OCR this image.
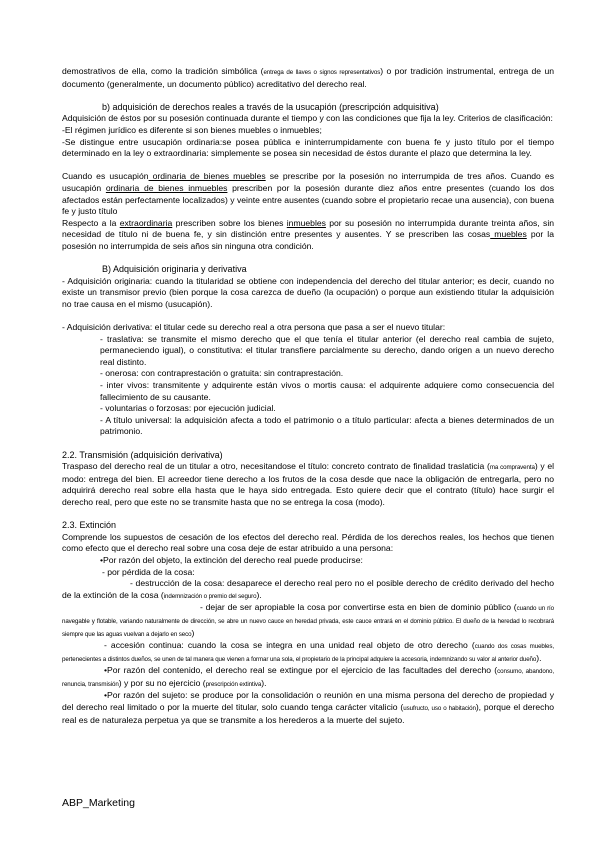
demostrativos de ella, como la tradición simbólica (entrega de llaves o signos representativos) o por tradición instrumental, entrega de un documento (generalmente, un documento público) acreditativo del derecho real.

b) adquisición de derechos reales a través de la usucapión (prescripción adquisitiva)

Adquisición de éstos por su posesión continuada durante el tiempo y con las condiciones que fija la ley. Criterios de clasificación:

-El régimen jurídico es diferente si son bienes muebles o inmuebles;

-Se distingue entre usucapión ordinaria:se posea pública e ininterrumpidamente con buena fe y justo título por el tiempo determinado en la ley o extraordinaria: simplemente se posea sin necesidad de éstos durante el plazo que determina la ley.

Cuando es usucapión ordinaria de bienes muebles se prescribe por la posesión no interrumpida de tres años. Cuando es usucapión ordinaria de bienes inmuebles prescriben por la posesión durante diez años entre presentes (cuando los dos afectados están perfectamente localizados) y veinte entre ausentes (cuando sobre el propietario recae una ausencia), con buena fe y justo título

Respecto a la extraordinaria prescriben sobre los bienes inmuebles por su posesión no interrumpida durante treinta años, sin necesidad de título ni de buena fe, y sin distinción entre presentes y ausentes. Y se prescriben las cosas muebles por la posesión no interrumpida de seis años sin ninguna otra condición.

B) Adquisición originaria y derivativa

- Adquisición originaria: cuando la titularidad se obtiene con independencia del derecho del titular anterior; es decir, cuando no existe un transmisor previo (bien porque la cosa carezca de dueño (la ocupación) o porque aun existiendo titular la adquisición no trae causa en el mismo (usucapión).

- Adquisición derivativa: el titular cede su derecho real a otra persona que pasa a ser el nuevo titular:

- traslativa: se transmite el mismo derecho que el que tenía el titular anterior (el derecho real cambia de sujeto, permaneciendo igual), o constitutiva: el titular transfiere parcialmente su derecho, dando origen a un nuevo derecho real distinto.

- onerosa: con contraprestación o gratuita: sin contraprestación.

- inter vivos: transmitente y adquirente están vivos o mortis causa: el adquirente adquiere como consecuencia del fallecimiento de su causante.

- voluntarias o forzosas: por ejecución judicial.

- A título universal: la adquisición afecta a todo el patrimonio o a título particular: afecta a bienes determinados de un patrimonio.

2.2. Transmisión (adquisición derivativa)

Traspaso del derecho real de un titular a otro, necesitandose el título: concreto contrato de finalidad traslaticia (ma compraventa) y el modo: entrega del bien. El acreedor tiene derecho a los frutos de la cosa desde que nace la obligación de entregarla, pero no adquirirá derecho real sobre ella hasta que le haya sido entregada. Esto quiere decir que el contrato (título) hace surgir el derecho real, pero que este no se transmite hasta que no se entrega la cosa (modo).

2.3. Extinción

Comprende los supuestos de cesación de los efectos del derecho real. Pérdida de los derechos reales, los hechos que tienen como efecto que el derecho real sobre una cosa deje de estar atribuido a una persona:

•Por razón del objeto, la extinción del derecho real puede producirse:

- por pérdida de la cosa:

- destrucción de la cosa: desaparece el derecho real pero no el posible derecho de crédito derivado del hecho de la extinción de la cosa (indemnización o premio del seguro).

- dejar de ser apropiable la cosa por convertirse esta en bien de dominio público (cuando un río navegable y flotable, variando naturalmente de dirección, se abre un nuevo cauce en heredad privada, este cauce entrará en el dominio público. El dueño de la heredad lo recobrará siempre que las aguas vuelvan a dejarlo en seco)

- accesión continua: cuando la cosa se integra en una unidad real objeto de otro derecho (cuando dos cosas muebles, pertenecientes a distintos dueños, se unen de tal manera que vienen a formar una sola, el propietario de la principal adquiere la accesoria, indemnizando su valor al anterior dueño).

•Por razón del contenido, el derecho real se extingue por el ejercicio de las facultades del derecho (consumo, abandono, renuncia, transmisión) y por su no ejercicio (prescripción extintiva).

•Por razón del sujeto: se produce por la consolidación o reunión en una misma persona del derecho de propiedad y del derecho real limitado o por la muerte del titular, solo cuando tenga carácter vitalicio (usufructo, uso o habitación), porque el derecho real es de naturaleza perpetua ya que se transmite a los herederos a la muerte del sujeto.

ABP_Marketing
